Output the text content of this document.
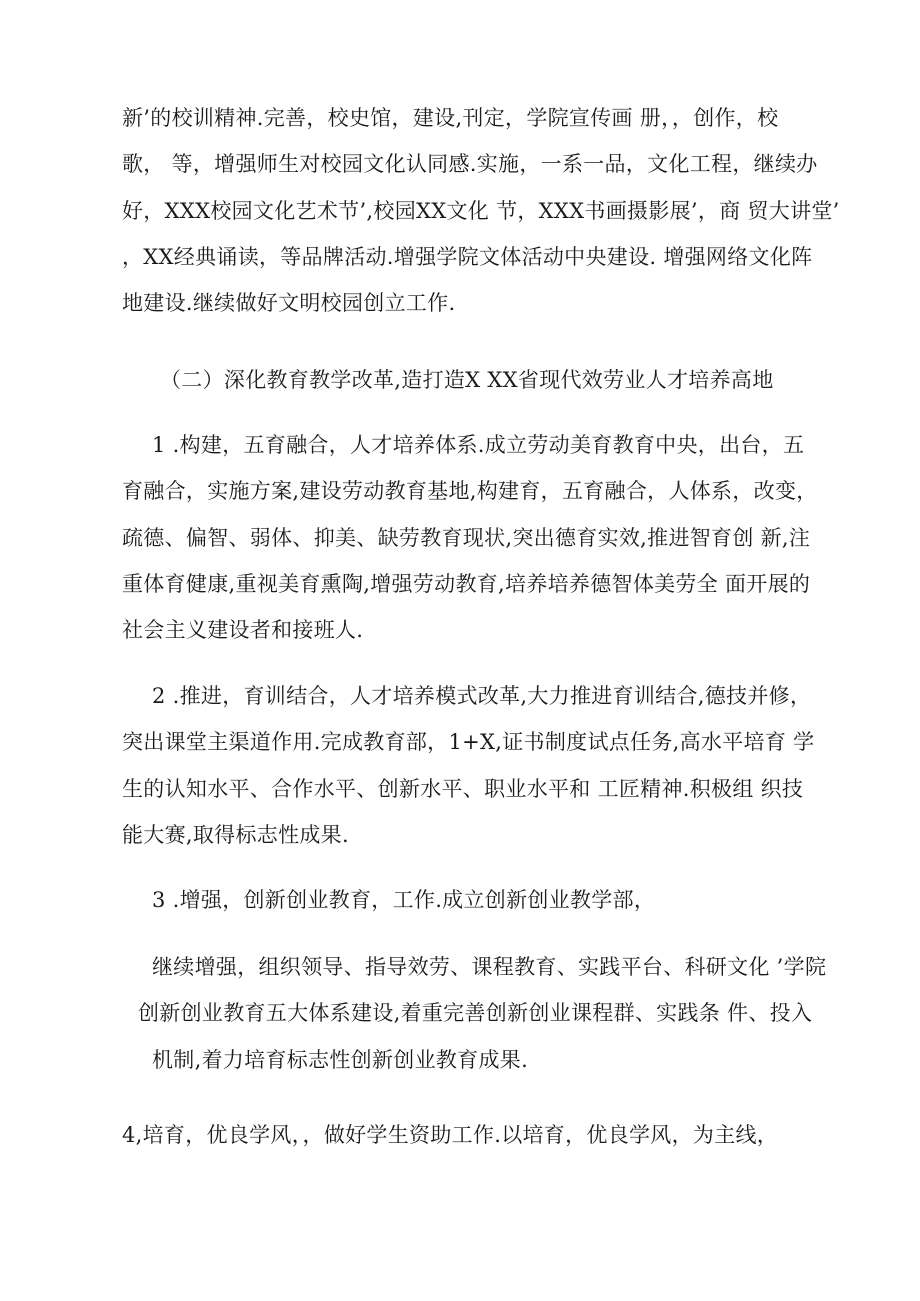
新’的校训精神.完善，校史馆，建设,刊定，学院宣传画 册，，创作，校
歌， 等，增强师生对校园文化认同感.实施，一系一品，文化工程，继续办
好，XXX校园文化艺术节’,校园XX文化 节，XXX书画摄影展’，商 贸大讲堂’
，XX经典诵读，等品牌活动.增强学院文体活动中央建设. 增强网络文化阵
地建设.继续做好文明校园创立工作.
（二）深化教育教学改革,造打造X XX省现代效劳业人才培养高地
1 .构建，五育融合，人才培养体系.成立劳动美育教育中央，出台，五
育融合，实施方案,建设劳动教育基地,构建育，五育融合，人体系，改变，
疏德、偏智、弱体、抑美、缺劳教育现状,突出德育实效,推进智育创 新,注
重体育健康,重视美育熏陶,增强劳动教育,培养培养德智体美劳全 面开展的
社会主义建设者和接班人.
2 .推进，育训结合，人才培养模式改革,大力推进育训结合,德技并修，
突出课堂主渠道作用.完成教育部，1+X,证书制度试点任务,高水平培育 学
生的认知水平、合作水平、创新水平、职业水平和 工匠精神.积极组 织技
能大赛,取得标志性成果.
3 .增强，创新创业教育，工作.成立创新创业教学部，
继续增强，组织领导、指导效劳、课程教育、实践平台、科研文化 ’学院
创新创业教育五大体系建设,着重完善创新创业课程群、实践条 件、投入
机制,着力培育标志性创新创业教育成果.
4,培育，优良学风，，做好学生资助工作.以培育，优良学风，为主线，
